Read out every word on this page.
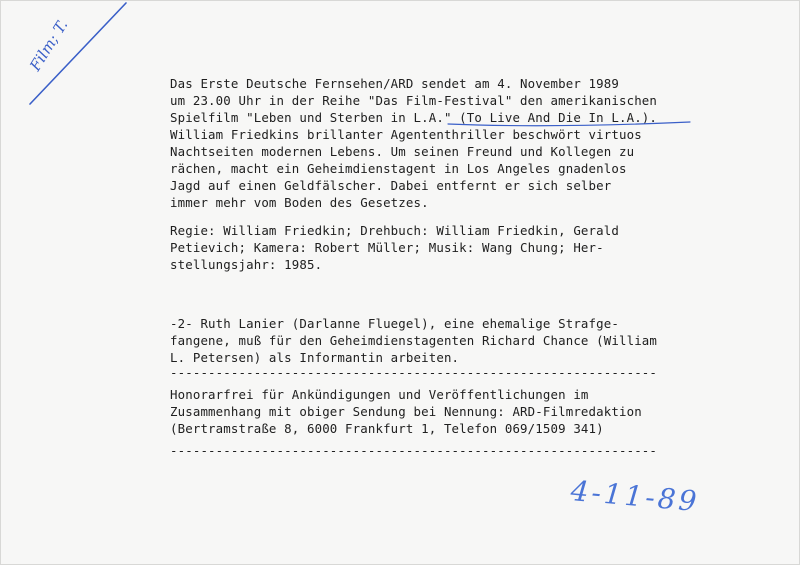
Das Erste Deutsche Fernsehen/ARD sendet am 4. November 1989
um 23.00 Uhr in der Reihe "Das Film-Festival" den amerikanischen
Spielfilm "Leben und Sterben in L.A." (To Live And Die In L.A.).
William Friedkins brillanter Agententhriller beschwört virtuos
Nachtseiten modernen Lebens. Um seinen Freund und Kollegen zu
rächen, macht ein Geheimdienstagent in Los Angeles gnadenlos
Jagd auf einen Geldfälscher. Dabei entfernt er sich selber
immer mehr vom Boden des Gesetzes.
Regie: William Friedkin; Drehbuch: William Friedkin, Gerald
Petievich; Kamera: Robert Müller; Musik: Wang Chung; Her-
stellungsjahr: 1985.
-2- Ruth Lanier (Darlanne Fluegel), eine ehemalige Strafge-
fangene, muß für den Geheimdienstagenten Richard Chance (William
L. Petersen) als Informantin arbeiten.
----------------------------------------------------------------
Honorarfrei für Ankündigungen und Veröffentlichungen im
Zusammenhang mit obiger Sendung bei Nennung: ARD-Filmredaktion
(Bertramstraße 8, 6000 Frankfurt 1, Telefon 069/1509 341)
----------------------------------------------------------------
Film; T.
4-11-89
